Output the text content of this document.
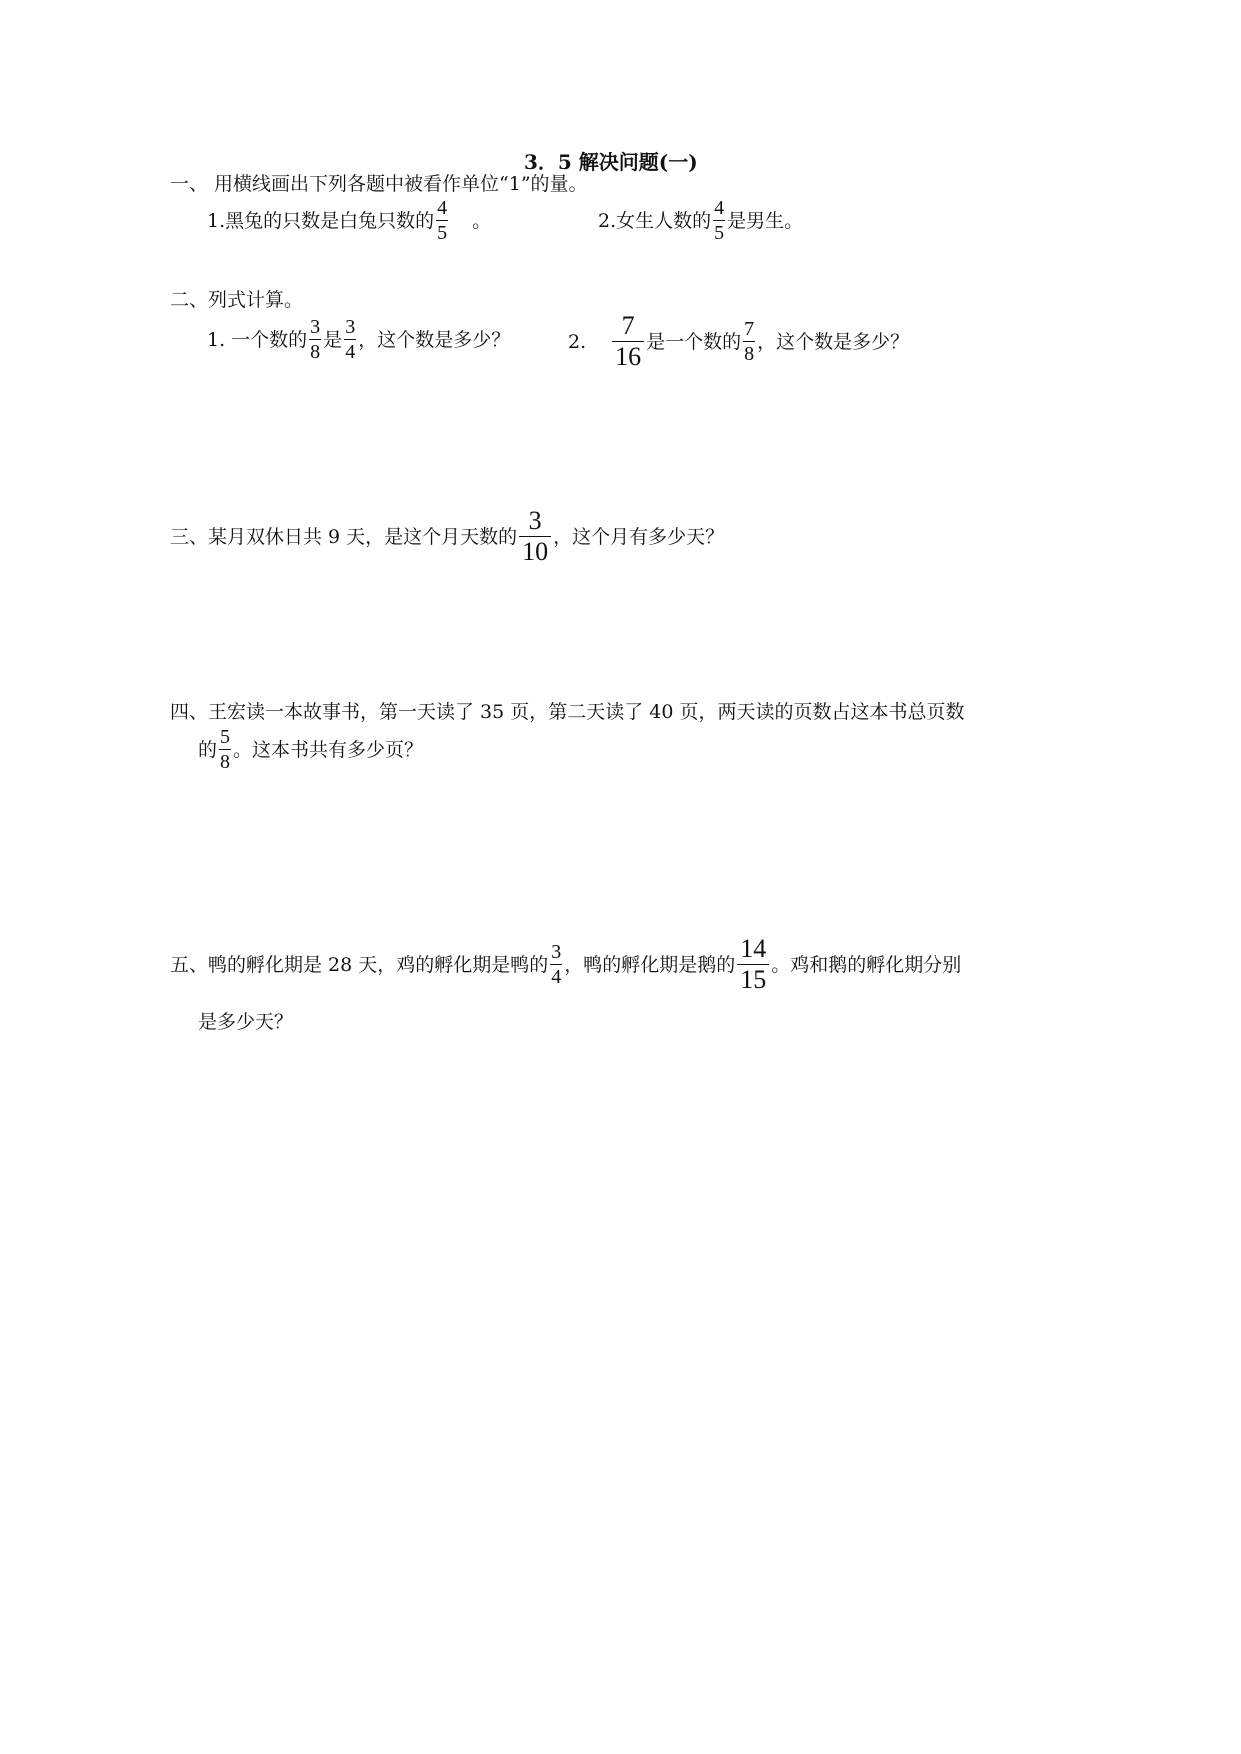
3．5 解决问题(一)
一、 用横线画出下列各题中被看作单位“1”的量。
1.黑兔的只数是白兔只数的 $\frac{4}{5}$ 。	2.女生人数的 $\frac{4}{5}$ 是男生。
二、列式计算。
1. 一个数的 $\frac{3}{8}$ 是 $\frac{3}{4}$ ，这个数是多少？	2. $\frac{7}{16}$ 是一个数的 $\frac{7}{8}$ ，这个数是多少？
三、某月双休日共 9 天，是这个月天数的 $\frac{3}{10}$ ，这个月有多少天？
四、王宏读一本故事书，第一天读了 35 页，第二天读了 40 页，两天读的页数占这本书总页数
的 $\frac{5}{8}$ 。这本书共有多少页？
五、鸭的孵化期是 28 天，鸡的孵化期是鸭的 $\frac{3}{4}$ ，鸭的孵化期是鹅的 $\frac{14}{15}$ 。鸡和鹅的孵化期分别
是多少天？
